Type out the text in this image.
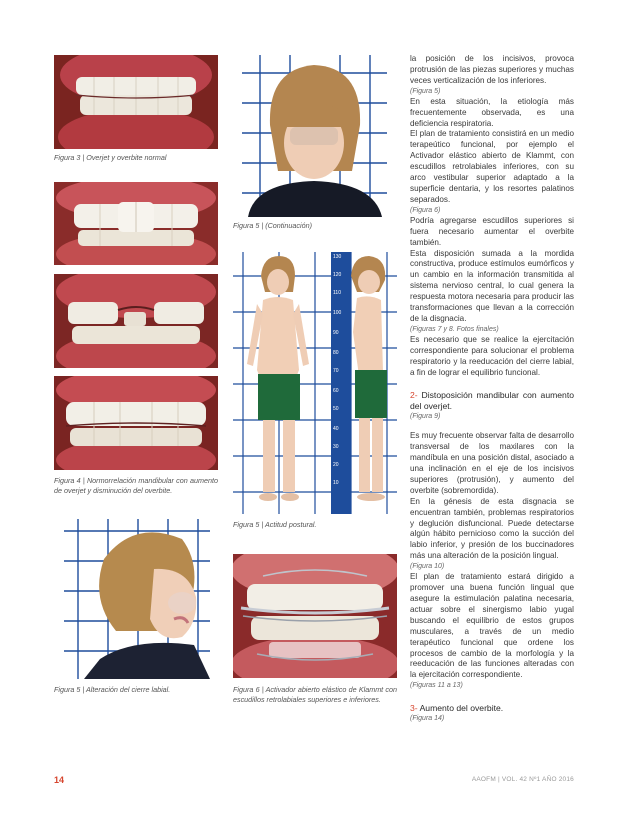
Figura 3 | Overjet y overbite normal
Figura 4 | Normorrelación mandibular con aumento de overjet y disminución del overbite.
Figura 5 | Alteración del cierre labial.
Figura 5 | (Continuación)
130
120
110
100
90
80
70
60
50
40
30
20
10
Figura 5 | Actitud postural.
Figura 6 | Activador abierto elástico de Klammt con escudillos retrolabiales superiores e inferiores.

la posición de los incisivos, provoca protrusión de las piezas superiores y muchas veces verticalización de los inferiores.

(Figura 5)

En esta situación, la etiología más frecuentemente observada, es una deficiencia respiratoria.

El plan de tratamiento consistirá en un medio terapeútico funcional, por ejemplo el Activador elástico abierto de Klammt, con escudillos retrolabiales inferiores, con su arco vestibular superior adaptado a la superficie dentaria, y los resortes palatinos separados.

(Figura 6)

Podría agregarse escudillos superiores si fuera necesario aumentar el overbite también.

Esta disposición sumada a la mordida constructiva, produce estímulos eumórficos y un cambio en la información transmitida al sistema nervioso central, lo cual genera la respuesta motora necesaria para producir las transformaciones que llevan a la corrección de la disgnacia.

(Figuras 7 y 8. Fotos finales)

Es necesario que se realice la ejercitación correspondiente para solucionar el problema respiratorio y la reeducación del cierre labial, a fin de lograr el equilibrio funcional.

2- Distoposición mandibular con aumento del overjet.

(Figura 9)

Es muy frecuente observar falta de desarrollo transversal de los maxilares con la mandíbula en una posición distal, asociado a una inclinación en el eje de los incisivos superiores (protrusión), y aumento del overbite (sobremordida).

En la génesis de esta disgnacia se encuentran también, problemas respiratorios y deglución disfuncional. Puede detectarse algún hábito pernicioso como la succión del labio inferior, y presión de los buccinadores más una alteración de la posición lingual.

(Figura 10)

El plan de tratamiento estará dirigido a promover una buena función lingual que asegure la estimulación palatina necesaria, actuar sobre el sinergismo labio yugal buscando el equilibrio de estos grupos musculares, a través de un medio terapéutico funcional que ordene los procesos de cambio de la morfología y la reeducación de las funciones alteradas con la ejercitación correspondiente.

(Figuras 11 a 13)

3- Aumento del overbite.

(Figura 14)

14	AAOFM | VOL. 42 Nº1 AÑO 2016
